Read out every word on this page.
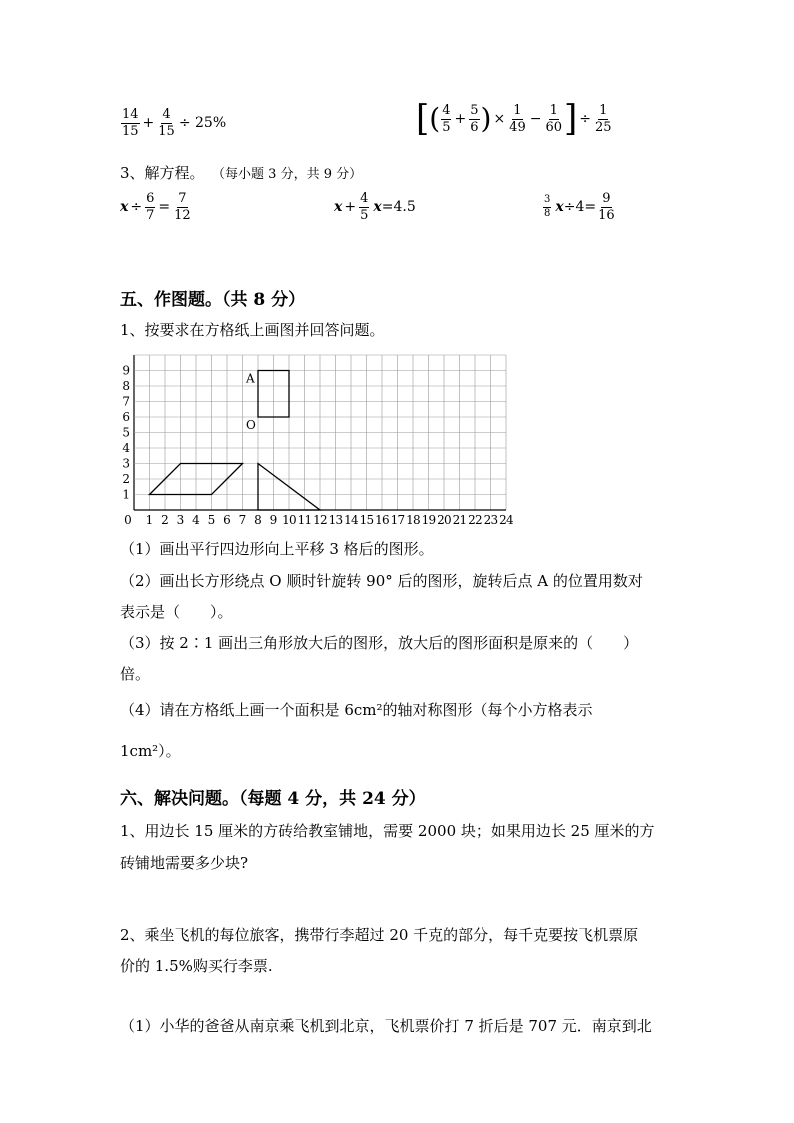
$\frac{14}{15} + \frac{4}{15} \div 25\%$	[ ( $\frac{4}{5} + \frac{5}{6}$ ) × $\frac{1}{49} - \frac{1}{60}$ ] ÷ $\frac{1}{25}$
3、解方程。 （每小题 3 分，共 9 分）
$x \div \frac{6}{7} = \frac{7}{12}$	$x + \frac{4}{5}$ x =4.5	$\frac{3}{8}$ $x \div 4= \frac{9}{16}$
五、作图题。（共 8 分）
1、按要求在方格纸上画图并回答问题。
1
2
3
4
5
6
7
8
9
0 1 2 3 4 5 6 7 8 9 10 11 12 13 14 15 16 17 18 19 20 21 22 23 24
A
O
（1）画出平行四边形向上平移 3 格后的图形。
（2）画出长方形绕点 O 顺时针旋转 90° 后的图形，旋转后点 A 的位置用数对
表示是（　　）。
（3）按 2∶1 画出三角形放大后的图形，放大后的图形面积是原来的（　　）
倍。
（4）请在方格纸上画一个面积是 6cm²的轴对称图形（每个小方格表示
1cm²）。
六、解决问题。（每题 4 分，共 24 分）
1、用边长 15 厘米的方砖给教室铺地，需要 2000 块；如果用边长 25 厘米的方
砖铺地需要多少块?
2、乘坐飞机的每位旅客，携带行李超过 20 千克的部分，每千克要按飞机票原
价的 1.5%购买行李票.
（1）小华的爸爸从南京乘飞机到北京，飞机票价打 7 折后是 707 元．南京到北
